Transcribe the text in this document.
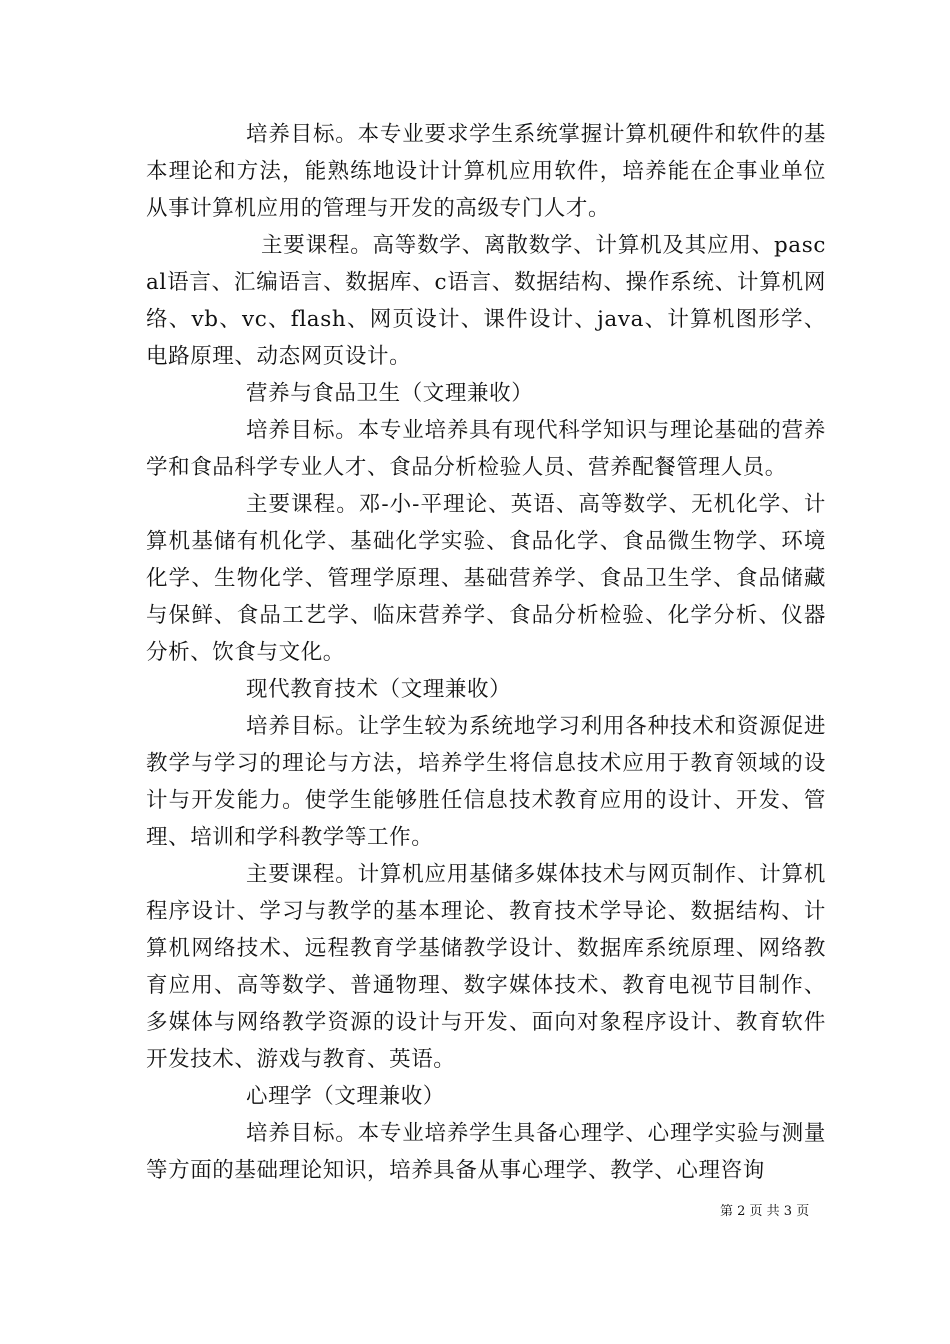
培养目标。本专业要求学生系统掌握计算机硬件和软件的基本理论和方法，能熟练地设计计算机应用软件，培养能在企事业单位从事计算机应用的管理与开发的高级专门人才。

主要课程。高等数学、离散数学、计算机及其应用、pascal语言、汇编语言、数据库、c语言、数据结构、操作系统、计算机网络、vb、vc、flash、网页设计、课件设计、java、计算机图形学、电路原理、动态网页设计。

营养与食品卫生（文理兼收）

培养目标。本专业培养具有现代科学知识与理论基础的营养学和食品科学专业人才、食品分析检验人员、营养配餐管理人员。

主要课程。邓-小-平理论、英语、高等数学、无机化学、计算机基储有机化学、基础化学实验、食品化学、食品微生物学、环境化学、生物化学、管理学原理、基础营养学、食品卫生学、食品储藏与保鲜、食品工艺学、临床营养学、食品分析检验、化学分析、仪器分析、饮食与文化。

现代教育技术（文理兼收）

培养目标。让学生较为系统地学习利用各种技术和资源促进教学与学习的理论与方法，培养学生将信息技术应用于教育领域的设计与开发能力。使学生能够胜任信息技术教育应用的设计、开发、管理、培训和学科教学等工作。

主要课程。计算机应用基储多媒体技术与网页制作、计算机程序设计、学习与教学的基本理论、教育技术学导论、数据结构、计算机网络技术、远程教育学基储教学设计、数据库系统原理、网络教育应用、高等数学、普通物理、数字媒体技术、教育电视节目制作、多媒体与网络教学资源的设计与开发、面向对象程序设计、教育软件开发技术、游戏与教育、英语。

心理学（文理兼收）

培养目标。本专业培养学生具备心理学、心理学实验与测量等方面的基础理论知识，培养具备从事心理学、教学、心理咨询

第 2 页 共 3 页
